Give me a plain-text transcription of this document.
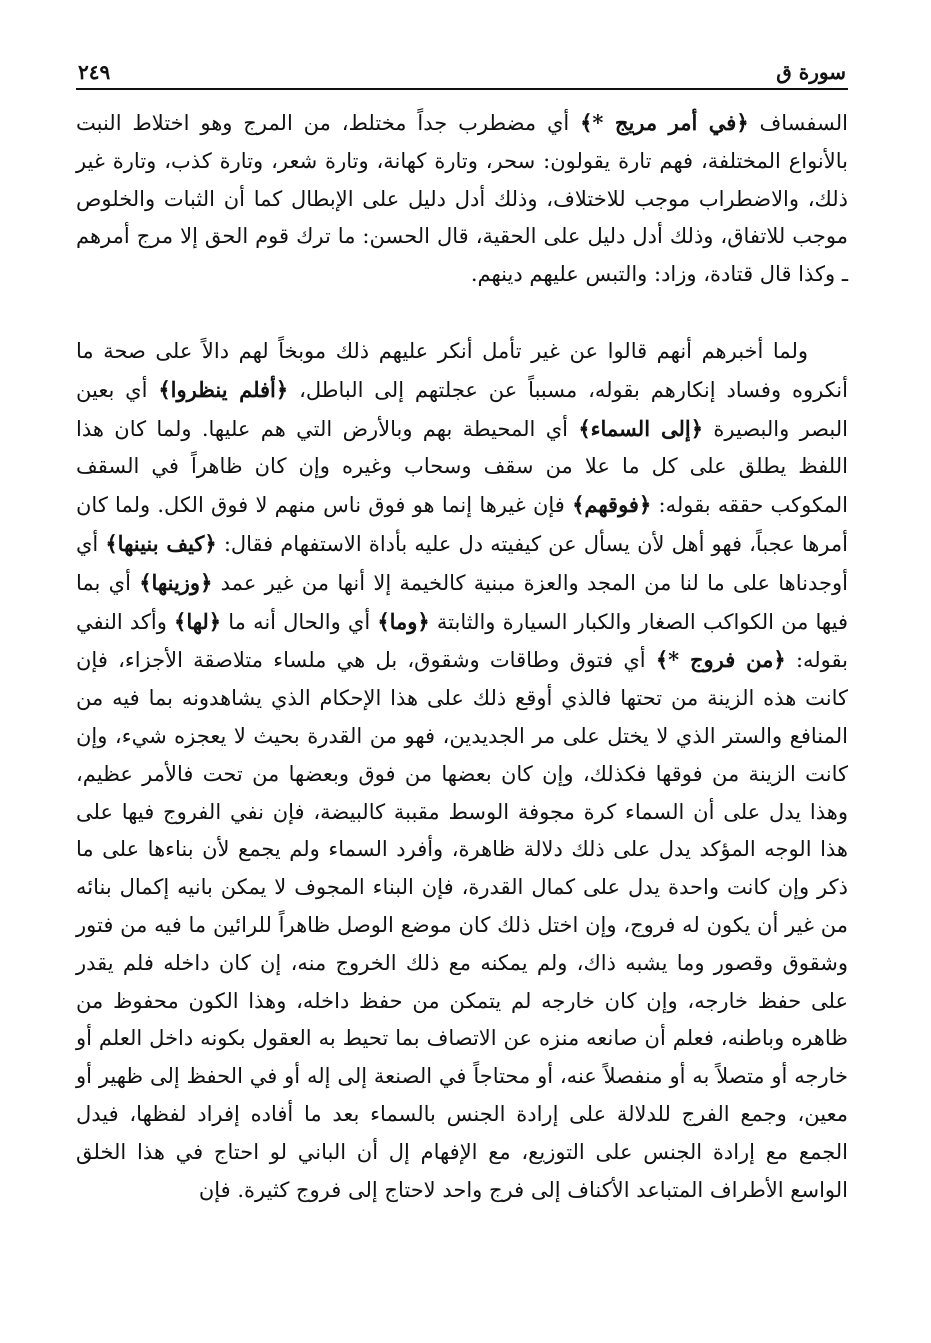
سورة ق
٢٤٩

السفساف ﴿في أمر مريج *﴾ أي مضطرب جداً مختلط، من المرج وهو اختلاط النبت بالأنواع المختلفة، فهم تارة يقولون: سحر، وتارة كهانة، وتارة شعر، وتارة كذب، وتارة غير ذلك، والاضطراب موجب للاختلاف، وذلك أدل دليل على الإبطال كما أن الثبات والخلوص موجب للاتفاق، وذلك أدل دليل على الحقية، قال الحسن: ما ترك قوم الحق إلا مرج أمرهم ـ وكذا قال قتادة، وزاد: والتبس عليهم دينهم.

ولما أخبرهم أنهم قالوا عن غير تأمل أنكر عليهم ذلك موبخاً لهم دالاً على صحة ما أنكروه وفساد إنكارهم بقوله، مسبباً عن عجلتهم إلى الباطل، ﴿أفلم ينظروا﴾ أي بعين البصر والبصيرة ﴿إلى السماء﴾ أي المحيطة بهم وبالأرض التي هم عليها. ولما كان هذا اللفظ يطلق على كل ما علا من سقف وسحاب وغيره وإن كان ظاهراً في السقف المكوكب حققه بقوله: ﴿فوقهم﴾ فإن غيرها إنما هو فوق ناس منهم لا فوق الكل. ولما كان أمرها عجباً، فهو أهل لأن يسأل عن كيفيته دل عليه بأداة الاستفهام فقال: ﴿كيف بنينها﴾ أي أوجدناها على ما لنا من المجد والعزة مبنية كالخيمة إلا أنها من غير عمد ﴿وزينها﴾ أي بما فيها من الكواكب الصغار والكبار السيارة والثابتة ﴿وما﴾ أي والحال أنه ما ﴿لها﴾ وأكد النفي بقوله: ﴿من فروج *﴾ أي فتوق وطاقات وشقوق، بل هي ملساء متلاصقة الأجزاء، فإن كانت هذه الزينة من تحتها فالذي أوقع ذلك على هذا الإحكام الذي يشاهدونه بما فيه من المنافع والستر الذي لا يختل على مر الجديدين، فهو من القدرة بحيث لا يعجزه شيء، وإن كانت الزينة من فوقها فكذلك، وإن كان بعضها من فوق وبعضها من تحت فالأمر عظيم، وهذا يدل على أن السماء كرة مجوفة الوسط مقببة كالبيضة، فإن نفي الفروج فيها على هذا الوجه المؤكد يدل على ذلك دلالة ظاهرة، وأفرد السماء ولم يجمع لأن بناءها على ما ذكر وإن كانت واحدة يدل على كمال القدرة، فإن البناء المجوف لا يمكن بانيه إكمال بنائه من غير أن يكون له فروج، وإن اختل ذلك كان موضع الوصل ظاهراً للرائين ما فيه من فتور وشقوق وقصور وما يشبه ذاك، ولم يمكنه مع ذلك الخروج منه، إن كان داخله فلم يقدر على حفظ خارجه، وإن كان خارجه لم يتمكن من حفظ داخله، وهذا الكون محفوظ من ظاهره وباطنه، فعلم أن صانعه منزه عن الاتصاف بما تحيط به العقول بكونه داخل العلم أو خارجه أو متصلاً به أو منفصلاً عنه، أو محتاجاً في الصنعة إلى إله أو في الحفظ إلى ظهير أو معين، وجمع الفرج للدلالة على إرادة الجنس بالسماء بعد ما أفاده إفراد لفظها، فيدل الجمع مع إرادة الجنس على التوزيع، مع الإفهام إل أن الباني لو احتاج في هذا الخلق الواسع الأطراف المتباعد الأكناف إلى فرج واحد لاحتاج إلى فروج كثيرة. فإن
